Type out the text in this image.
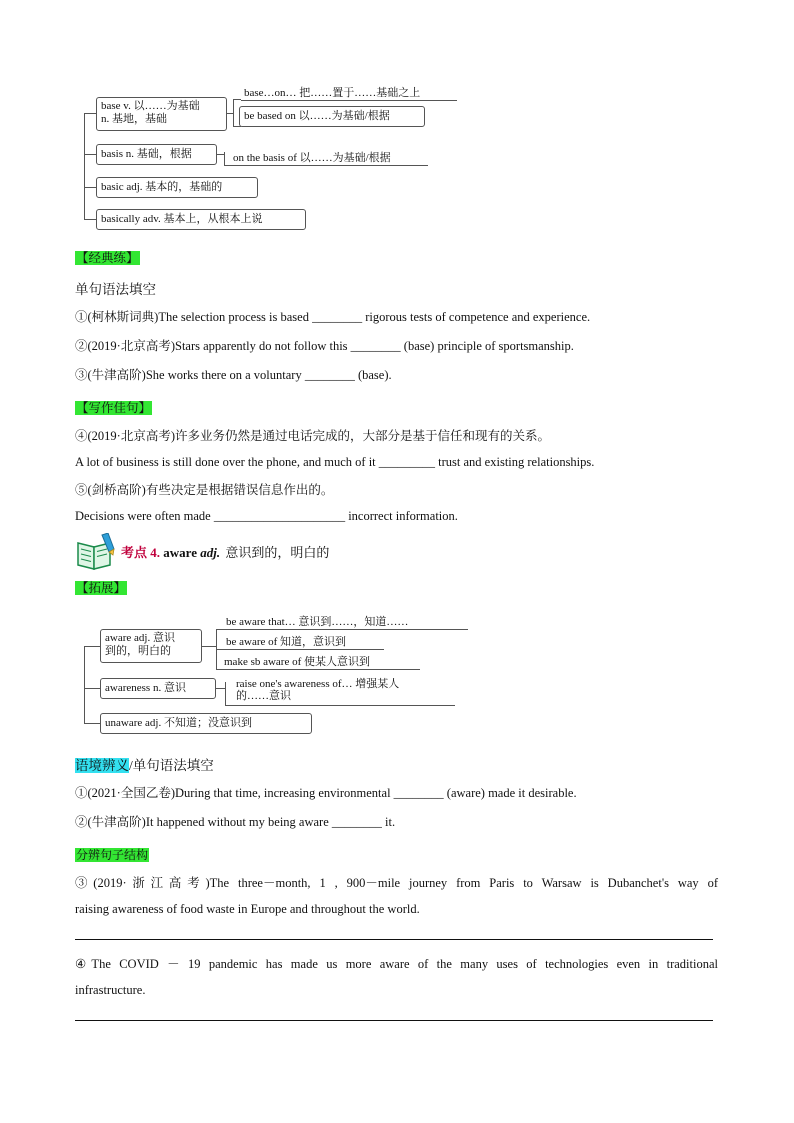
base v. 以……为基础
n. 基地，基础
base…on… 把……置于……基础之上
be based on 以……为基础/根据
basis n. 基础，根据	on the basis of 以……为基础/根据
basic adj. 基本的，基础的
basically adv. 基本上，从根本上说
【经典练】
单句语法填空
①(柯林斯词典)The selection process is based ________ rigorous tests of competence and experience.
②(2019·北京高考)Stars apparently do not follow this ________ (base) principle of sportsmanship.
③(牛津高阶)She works there on a voluntary ________ (base).
【写作佳句】
④(2019·北京高考)许多业务仍然是通过电话完成的，大部分是基于信任和现有的关系。
A lot of business is still done over the phone, and much of it _________ trust and existing relationships.
⑤(剑桥高阶)有些决定是根据错误信息作出的。
Decisions were often made _____________________ incorrect information.
考点 4. aware adj. 意识到的，明白的
【拓展】
aware adj. 意识
到的，明白的
be aware that… 意识到……，知道……
be aware of 知道，意识到
make sb aware of 使某人意识到
awareness n. 意识	raise one's awareness of… 增强某人
的……意识
unaware adj. 不知道；没意识到
语境辨义/单句语法填空
①(2021·全国乙卷)During that time, increasing environmental ________ (aware) made it desirable.
②(牛津高阶)It happened without my being aware ________ it.
分辨句子结构
③(2019·浙江高考)The three－month, 1 , 900－mile journey from Paris to Warsaw is Dubanchet's way of
raising awareness of food waste in Europe and throughout the world.
④The COVID － 19 pandemic has made us more aware of the many uses of technologies even in traditional
infrastructure.
